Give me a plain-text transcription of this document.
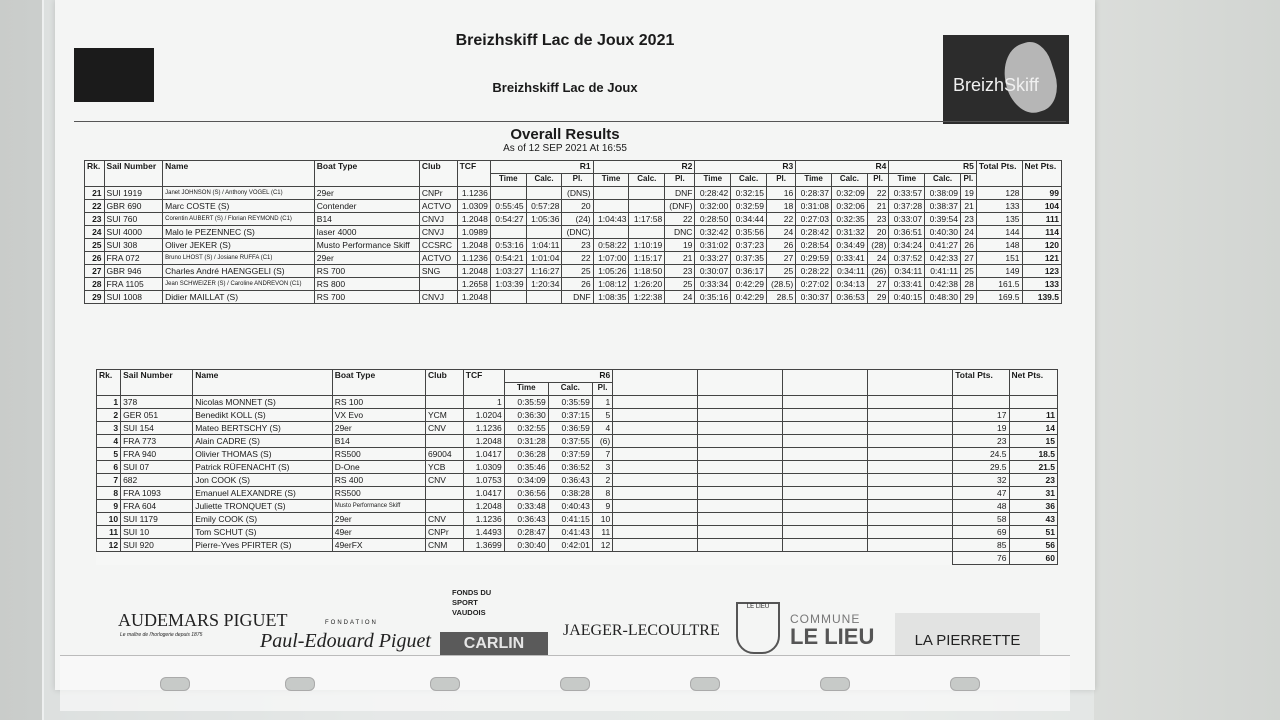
BreizhSkiff
Breizhskiff Lac de Joux 2021
Breizhskiff Lac de Joux
Overall Results
As of 12 SEP 2021 At 16:55
Rk.	Sail Number	Name	Boat Type	Club	TCF	R1			R2			R3			R4			R5			Total Pts.	Net Pts.
						Time	Calc.	Pl.	Time	Calc.	Pl.	Time	Calc.	Pl.	Time	Calc.	Pl.	Time	Calc.	Pl.		
21	SUI 1919	Janet JOHNSON (S) / Anthony VOGEL (C1)	29er	CNPr	1.1236			(DNS)			DNF	0:28:42	0:32:15	16	0:28:37	0:32:09	22	0:33:57	0:38:09	19	128	99
22	GBR 690	Marc COSTE (S)	Contender	ACTVO	1.0309	0:55:45	0:57:28	20			(DNF)	0:32:00	0:32:59	18	0:31:08	0:32:06	21	0:37:28	0:38:37	21	133	104
23	SUI 760	Corentin AUBERT (S) / Florian REYMOND (C1)	B14	CNVJ	1.2048	0:54:27	1:05:36	(24)	1:04:43	1:17:58	22	0:28:50	0:34:44	22	0:27:03	0:32:35	23	0:33:07	0:39:54	23	135	111
24	SUI 4000	Malo le PEZENNEC (S)	laser 4000	CNVJ	1.0989			(DNC)			DNC	0:32:42	0:35:56	24	0:28:42	0:31:32	20	0:36:51	0:40:30	24	144	114
25	SUI 308	Oliver JEKER (S)	Musto Performance Skiff	CCSRC	1.2048	0:53:16	1:04:11	23	0:58:22	1:10:19	19	0:31:02	0:37:23	26	0:28:54	0:34:49	(28)	0:34:24	0:41:27	26	148	120
26	FRA 072	Bruno LHOST (S) / Josiane RUFFA (C1)	29er	ACTVO	1.1236	0:54:21	1:01:04	22	1:07:00	1:15:17	21	0:33:27	0:37:35	27	0:29:59	0:33:41	24	0:37:52	0:42:33	27	151	121
27	GBR 946	Charles André HAENGGELI (S)	RS 700	SNG	1.2048	1:03:27	1:16:27	25	1:05:26	1:18:50	23	0:30:07	0:36:17	25	0:28:22	0:34:11	(26)	0:34:11	0:41:11	25	149	123
28	FRA 1105	Jean SCHWEIZER (S) / Caroline ANDREVON (C1)	RS 800		1.2658	1:03:39	1:20:34	26	1:08:12	1:26:20	25	0:33:34	0:42:29	(28.5)	0:27:02	0:34:13	27	0:33:41	0:42:38	28	161.5	133
29	SUI 1008	Didier MAILLAT (S)	RS 700	CNVJ	1.2048			DNF	1:08:35	1:22:38	24	0:35:16	0:42:29	28.5	0:30:37	0:36:53	29	0:40:15	0:48:30	29	169.5	139.5
Rk.	Sail Number	Name	Boat Type	Club	TCF	R6							Total Pts.	Net Pts.
						Time	Calc.	Pl.						
1	378	Nicolas MONNET (S)	RS 100		1	0:35:59	0:35:59	1						
2	GER 051	Benedikt KOLL (S)	VX Evo	YCM	1.0204	0:36:30	0:37:15	5					17	11
3	SUI 154	Mateo BERTSCHY (S)	29er	CNV	1.1236	0:32:55	0:36:59	4					19	14
4	FRA 773	Alain CADRE (S)	B14		1.2048	0:31:28	0:37:55	(6)					23	15
5	FRA 940	Olivier THOMAS (S)	RS500	69004	1.0417	0:36:28	0:37:59	7					24.5	18.5
6	SUI 07	Patrick RÜFENACHT (S)	D-One	YCB	1.0309	0:35:46	0:36:52	3					29.5	21.5
7	682	Jon COOK (S)	RS 400	CNV	1.0753	0:34:09	0:36:43	2					32	23
8	FRA 1093	Emanuel ALEXANDRE (S)	RS500		1.0417	0:36:56	0:38:28	8					47	31
9	FRA 604	Juliette TRONQUET (S)	Musto Performance Skiff		1.2048	0:33:48	0:40:43	9					48	36
10	SUI 1179	Emily COOK (S)	29er	CNV	1.1236	0:36:43	0:41:15	10					58	43
11	SUI 10	Tom SCHUT (S)	49er	CNPr	1.4493	0:28:47	0:41:43	11					69	51
12	SUI 920	Pierre-Yves PFIRTER (S)	49erFX	CNM	1.3699	0:30:40	0:42:01	12					85	56
													76	60
AUDEMARS PIGUET
Le maître de l'horlogerie depuis 1875
FONDATION
Paul-Edouard Piguet
FONDS DU SPORT VAUDOIS
CARLIN
JAEGER-LECOULTRE
LE LIEU
COMMUNE
LE LIEU	LA PIERRETTE
